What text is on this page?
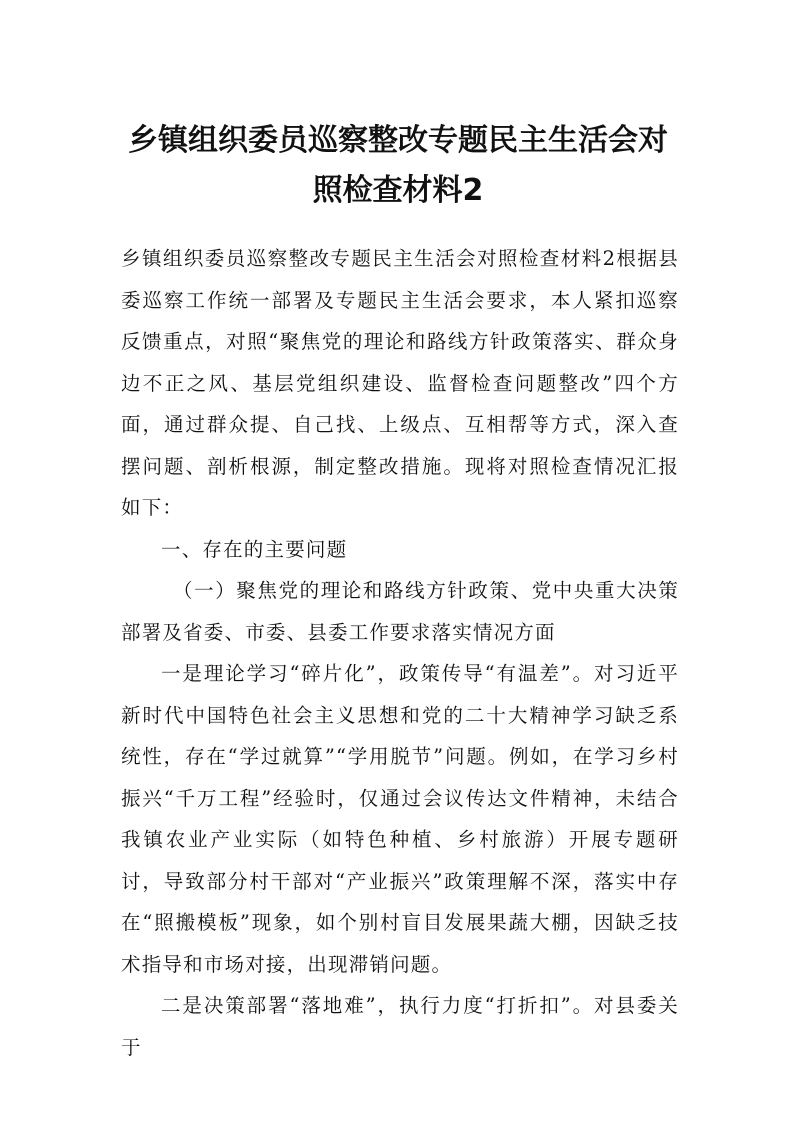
乡镇组织委员巡察整改专题民主生活会对照检查材料2

乡镇组织委员巡察整改专题民主生活会对照检查材料2根据县委巡察工作统一部署及专题民主生活会要求，本人紧扣巡察反馈重点，对照“聚焦党的理论和路线方针政策落实、群众身边不正之风、基层党组织建设、监督检查问题整改”四个方面，通过群众提、自己找、上级点、互相帮等方式，深入查摆问题、剖析根源，制定整改措施。现将对照检查情况汇报如下：

一、存在的主要问题

（一）聚焦党的理论和路线方针政策、党中央重大决策部署及省委、市委、县委工作要求落实情况方面

一是理论学习“碎片化”，政策传导“有温差”。对习近平新时代中国特色社会主义思想和党的二十大精神学习缺乏系统性，存在“学过就算”“学用脱节”问题。例如，在学习乡村振兴“千万工程”经验时，仅通过会议传达文件精神，未结合我镇农业产业实际（如特色种植、乡村旅游）开展专题研讨，导致部分村干部对“产业振兴”政策理解不深，落实中存在“照搬模板”现象，如个别村盲目发展果蔬大棚，因缺乏技术指导和市场对接，出现滞销问题。

二是决策部署“落地难”，执行力度“打折扣”。对县委关于
